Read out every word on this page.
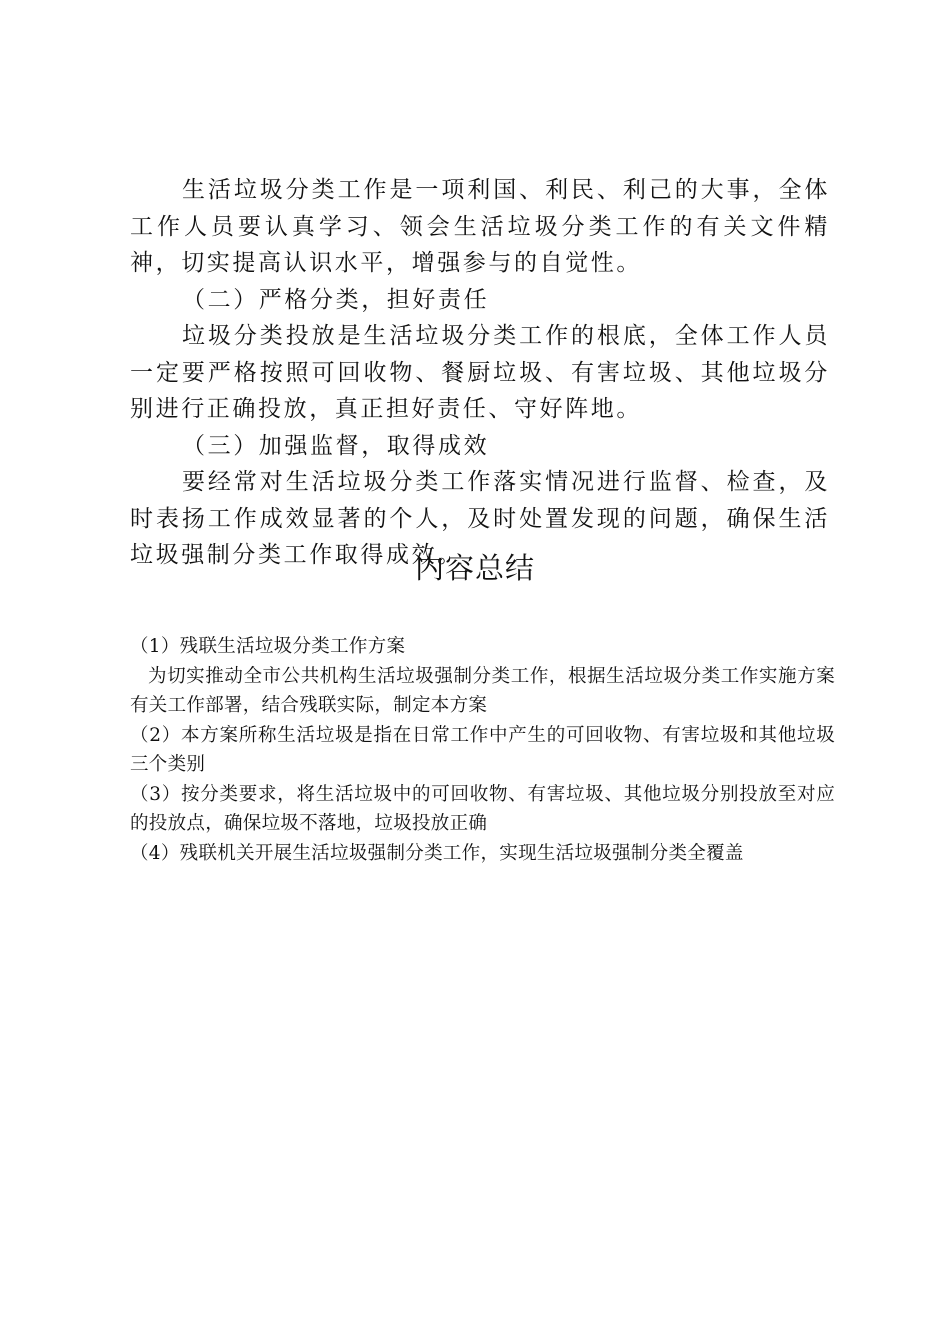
生活垃圾分类工作是一项利国、利民、利己的大事，全体工作人员要认真学习、领会生活垃圾分类工作的有关文件精神，切实提高认识水平，增强参与的自觉性。

（二）严格分类，担好责任

垃圾分类投放是生活垃圾分类工作的根底，全体工作人员一定要严格按照可回收物、餐厨垃圾、有害垃圾、其他垃圾分别进行正确投放，真正担好责任、守好阵地。

（三）加强监督，取得成效

要经常对生活垃圾分类工作落实情况进行监督、检查，及时表扬工作成效显著的个人，及时处置发现的问题，确保生活垃圾强制分类工作取得成效。

内容总结

（1）残联生活垃圾分类工作方案

为切实推动全市公共机构生活垃圾强制分类工作，根据生活垃圾分类工作实施方案有关工作部署，结合残联实际，制定本方案

（2）本方案所称生活垃圾是指在日常工作中产生的可回收物、有害垃圾和其他垃圾三个类别

（3）按分类要求，将生活垃圾中的可回收物、有害垃圾、其他垃圾分别投放至对应的投放点，确保垃圾不落地，垃圾投放正确

（4）残联机关开展生活垃圾强制分类工作，实现生活垃圾强制分类全覆盖
